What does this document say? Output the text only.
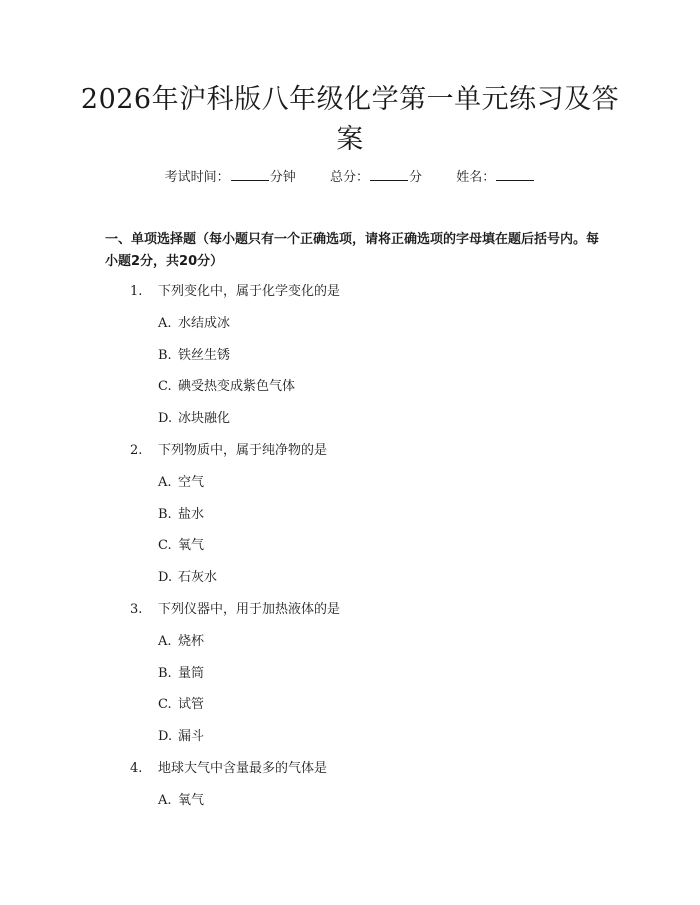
2026年沪科版八年级化学第一单元练习及答案
考试时间：	分钟	总分：	分	姓名：
一、单项选择题（每小题只有一个正确选项，请将正确选项的字母填在题后括号内。每小题2分，共20分）
1. 下列变化中，属于化学变化的是
A. 水结成冰
B. 铁丝生锈
C. 碘受热变成紫色气体
D. 冰块融化
2. 下列物质中，属于纯净物的是
A. 空气
B. 盐水
C. 氧气
D. 石灰水
3. 下列仪器中，用于加热液体的是
A. 烧杯
B. 量筒
C. 试管
D. 漏斗
4. 地球大气中含量最多的气体是
A. 氧气
